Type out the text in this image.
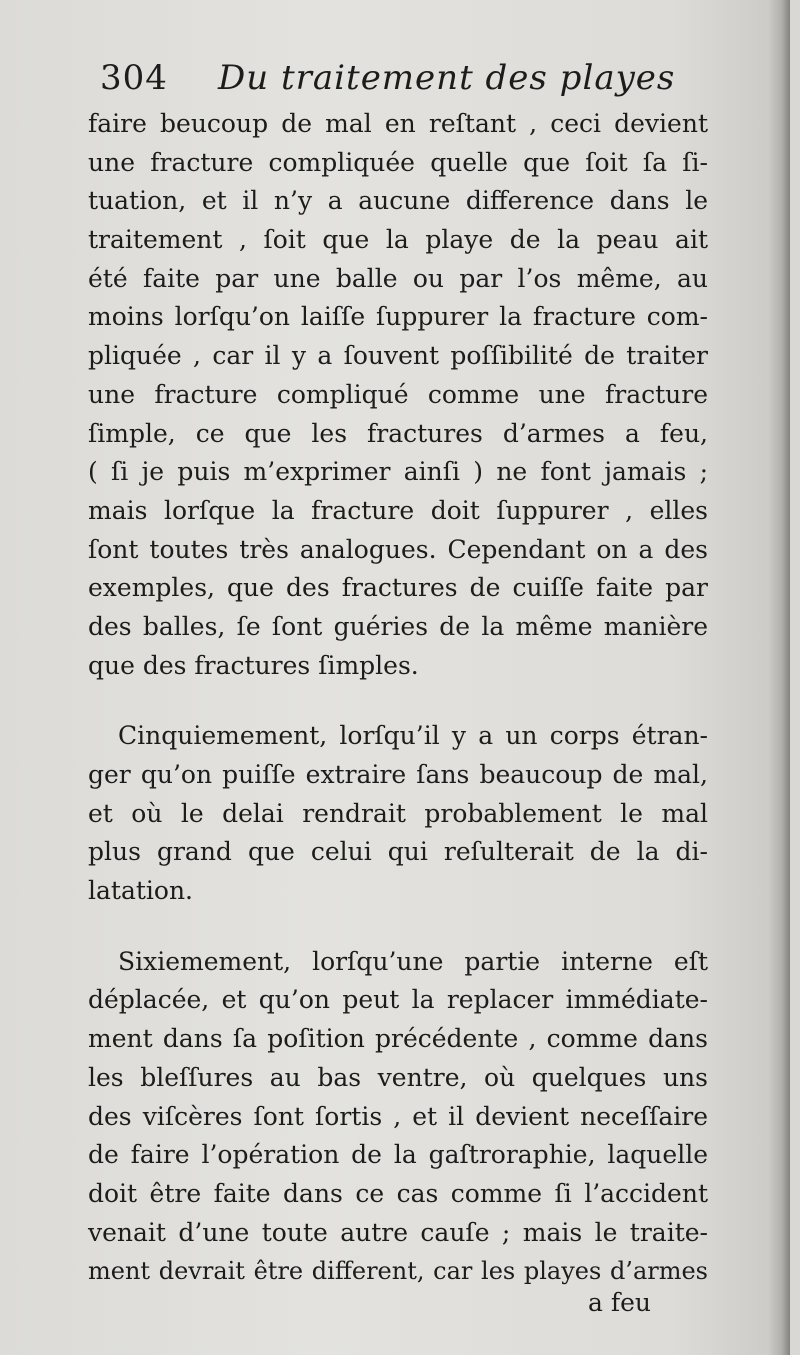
304 Du traitement des playes
faire beucoup de mal en reſtant , ceci devient
une fracture compliquée quelle que ſoit ſa ſi-
tuation, et il n’y a aucune difference dans le
traitement , ſoit que la playe de la peau ait
été faite par une balle ou par l’os même, au
moins lorſqu’on laiſſe ſuppurer la fracture com-
pliquée , car il y a ſouvent poſſibilité de traiter
une fracture compliqué comme une fracture
ſimple, ce que les fractures d’armes a feu,
( ſi je puis m’exprimer ainſi ) ne font jamais ;
mais lorſque la fracture doit ſuppurer , elles
ſont toutes très analogues. Cependant on a des
exemples, que des fractures de cuiſſe faite par
des balles, ſe ſont guéries de la même manière
que des fractures ſimples.
Cinquiemement, lorſqu’il y a un corps étran-
ger qu’on puiſſe extraire ſans beaucoup de mal,
et où le delai rendrait probablement le mal
plus grand que celui qui reſulterait de la di-
latation.
Sixiemement, lorſqu’une partie interne eſt
déplacée, et qu’on peut la replacer immédiate-
ment dans ſa poſition précédente , comme dans
les bleſſures au bas ventre, où quelques uns
des viſcères ſont ſortis , et il devient neceſſaire
de faire l’opération de la gaſtroraphie, laquelle
doit être faite dans ce cas comme ſi l’accident
venait d’une toute autre cauſe ; mais le traite-
ment devrait être different, car les playes d’armes
a feu
